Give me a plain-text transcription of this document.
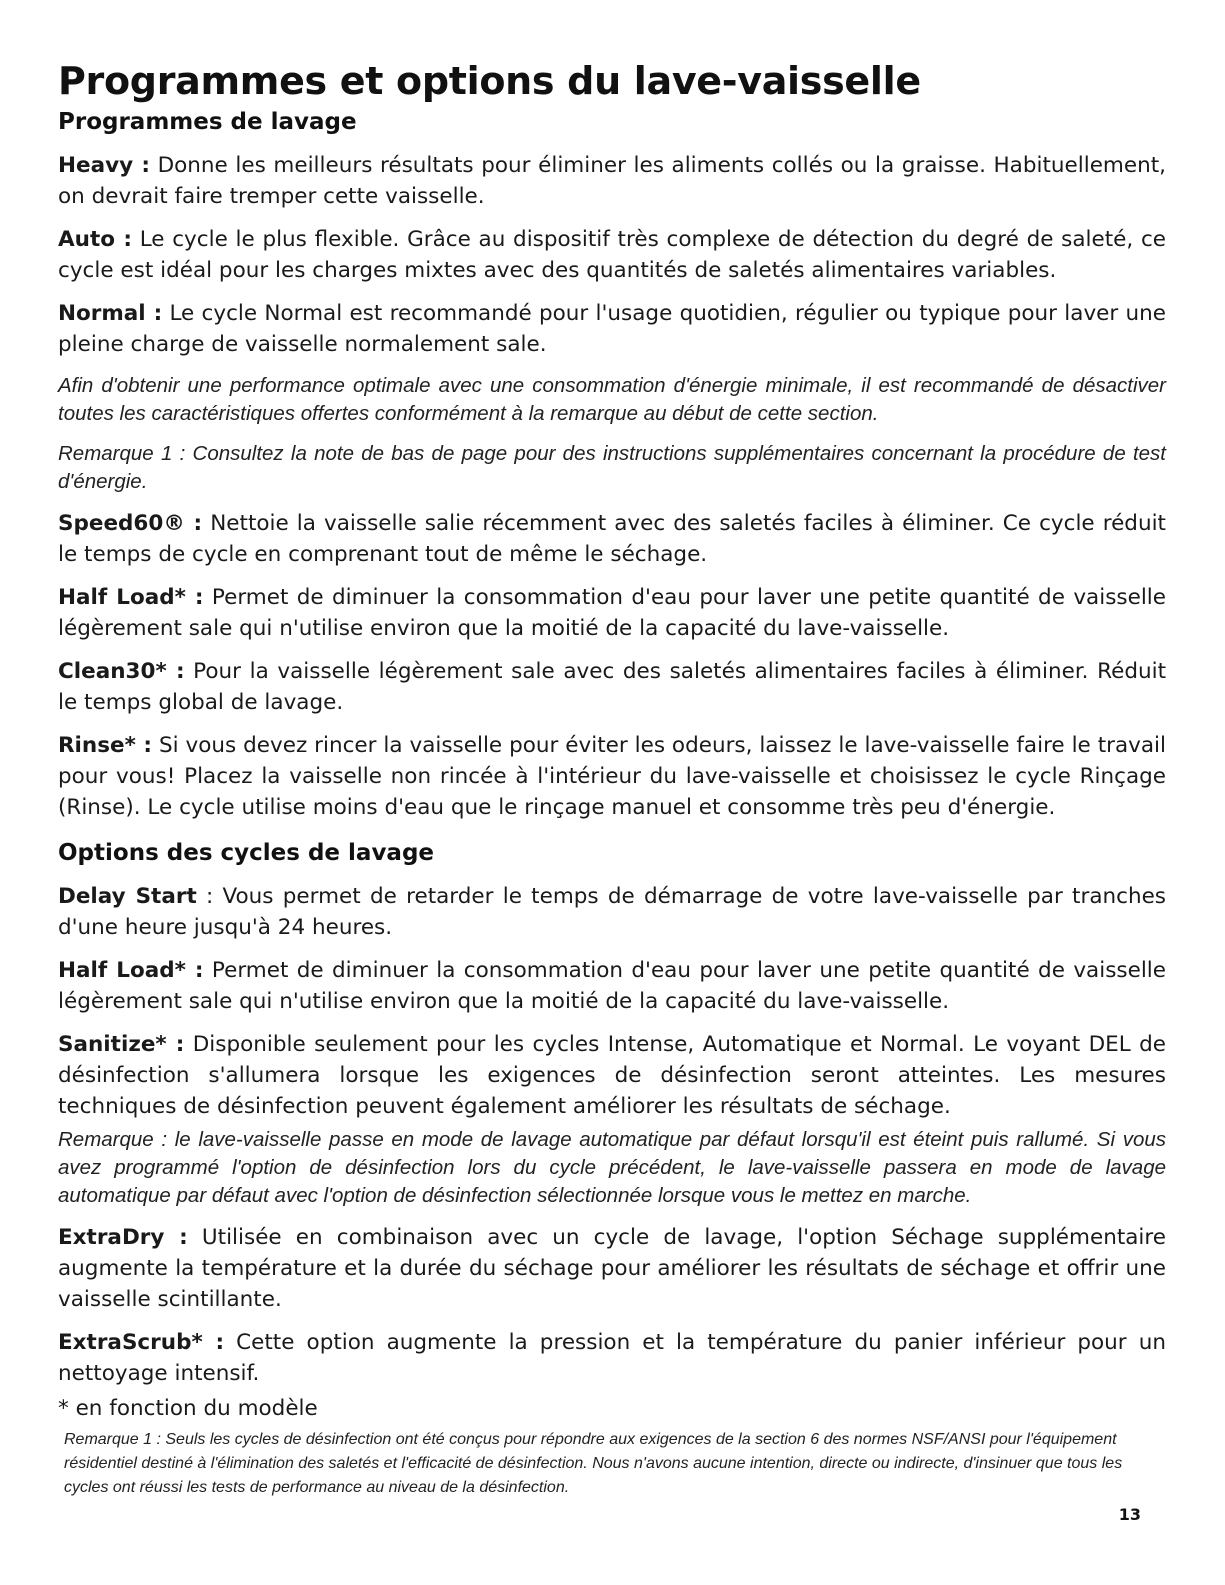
Programmes et options du lave-vaisselle
Programmes de lavage

Heavy : Donne les meilleurs résultats pour éliminer les aliments collés ou la graisse. Habituellement, on devrait faire tremper cette vaisselle.

Auto : Le cycle le plus flexible. Grâce au dispositif très complexe de détection du degré de saleté, ce cycle est idéal pour les charges mixtes avec des quantités de saletés alimentaires variables.

Normal : Le cycle Normal est recommandé pour l'usage quotidien, régulier ou typique pour laver une pleine charge de vaisselle normalement sale.

Afin d'obtenir une performance optimale avec une consommation d'énergie minimale, il est recommandé de désactiver toutes les caractéristiques offertes conformément à la remarque au début de cette section.

Remarque 1 : Consultez la note de bas de page pour des instructions supplémentaires concernant la procédure de test d'énergie.

Speed60® : Nettoie la vaisselle salie récemment avec des saletés faciles à éliminer. Ce cycle réduit le temps de cycle en comprenant tout de même le séchage.

Half Load* : Permet de diminuer la consommation d'eau pour laver une petite quantité de vaisselle légèrement sale qui n'utilise environ que la moitié de la capacité du lave-vaisselle.

Clean30* : Pour la vaisselle légèrement sale avec des saletés alimentaires faciles à éliminer. Réduit le temps global de lavage.

Rinse* : Si vous devez rincer la vaisselle pour éviter les odeurs, laissez le lave-vaisselle faire le travail pour vous! Placez la vaisselle non rincée à l'intérieur du lave-vaisselle et choisissez le cycle Rinçage (Rinse). Le cycle utilise moins d'eau que le rinçage manuel et consomme très peu d'énergie.

Options des cycles de lavage

Delay Start : Vous permet de retarder le temps de démarrage de votre lave-vaisselle par tranches d'une heure jusqu'à 24 heures.

Half Load* : Permet de diminuer la consommation d'eau pour laver une petite quantité de vaisselle légèrement sale qui n'utilise environ que la moitié de la capacité du lave-vaisselle.

Sanitize* : Disponible seulement pour les cycles Intense, Automatique et Normal. Le voyant DEL de désinfection s'allumera lorsque les exigences de désinfection seront atteintes. Les mesures techniques de désinfection peuvent également améliorer les résultats de séchage.

Remarque : le lave-vaisselle passe en mode de lavage automatique par défaut lorsqu'il est éteint puis rallumé. Si vous avez programmé l'option de désinfection lors du cycle précédent, le lave-vaisselle passera en mode de lavage automatique par défaut avec l'option de désinfection sélectionnée lorsque vous le mettez en marche.

ExtraDry : Utilisée en combinaison avec un cycle de lavage, l'option Séchage supplémentaire augmente la température et la durée du séchage pour améliorer les résultats de séchage et offrir une vaisselle scintillante.

ExtraScrub* : Cette option augmente la pression et la température du panier inférieur pour un nettoyage intensif.

* en fonction du modèle

Remarque 1 : Seuls les cycles de désinfection ont été conçus pour répondre aux exigences de la section 6 des normes NSF/ANSI pour l'équipement résidentiel destiné à l'élimination des saletés et l'efficacité de désinfection. Nous n'avons aucune intention, directe ou indirecte, d'insinuer que tous les cycles ont réussi les tests de performance au niveau de la désinfection.
13
